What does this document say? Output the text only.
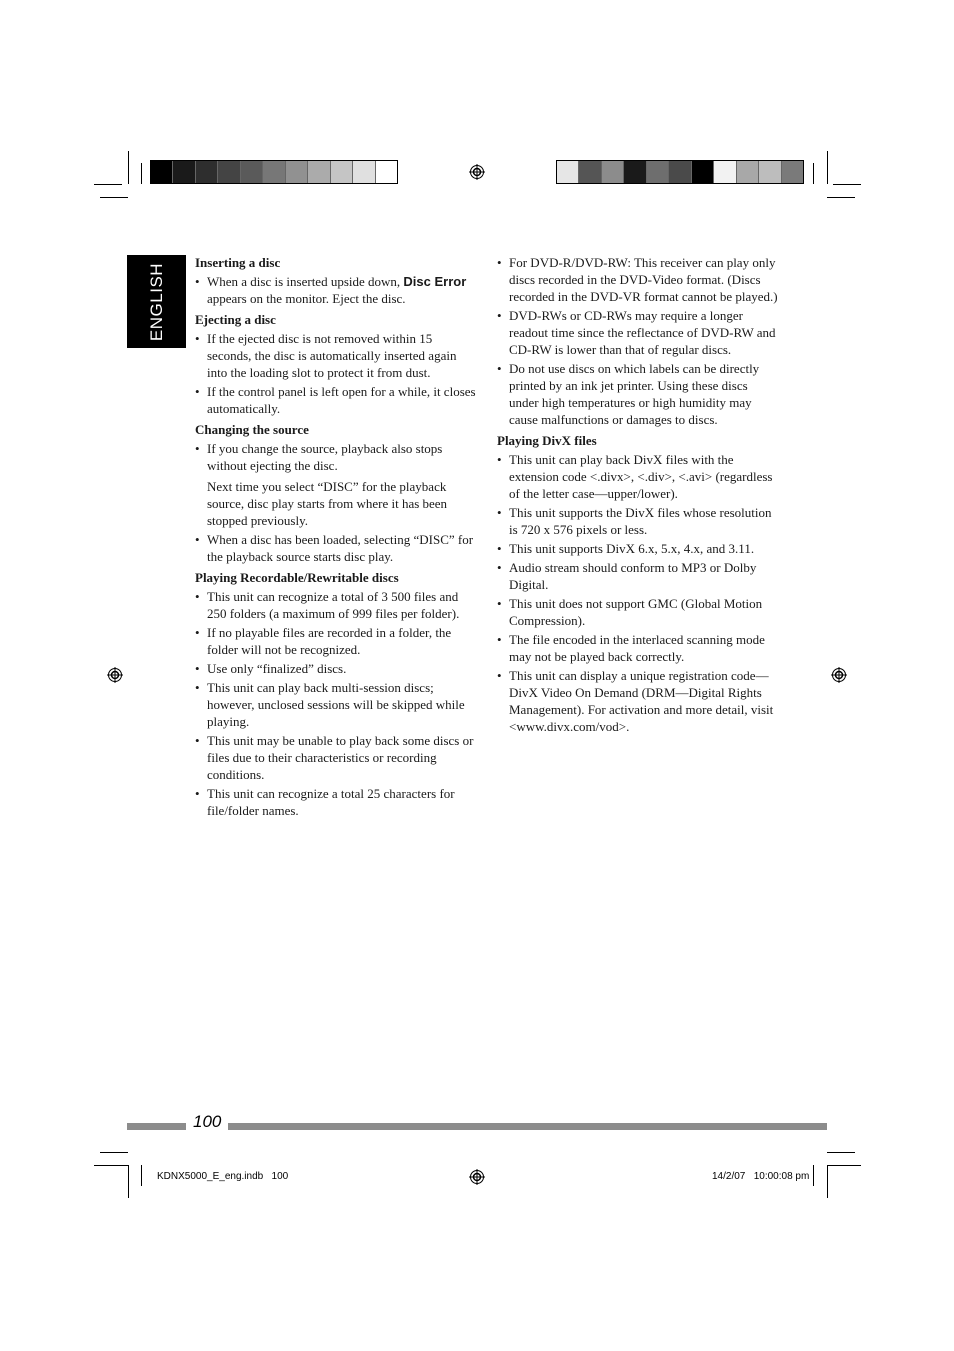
ENGLISH Inserting a disc
• When a disc is inserted upside down, Disc Error appears on the monitor. Eject the disc.
Ejecting a disc
• If the ejected disc is not removed within 15 seconds, the disc is automatically inserted again into the loading slot to protect it from dust.
• If the control panel is left open for a while, it closes automatically.
Changing the source
• If you change the source, playback also stops without ejecting the disc.

Next time you select “DISC” for the playback source, disc play starts from where it has been stopped previously.

• When a disc has been loaded, selecting “DISC” for the playback source starts disc play.
Playing Recordable/Rewritable discs
• This unit can recognize a total of 3 500 files and 250 folders (a maximum of 999 files per folder).
• If no playable files are recorded in a folder, the folder will not be recognized.
• Use only “finalized” discs.
• This unit can play back multi-session discs; however, unclosed sessions will be skipped while playing.
• This unit may be unable to play back some discs or files due to their characteristics or recording conditions.
• This unit can recognize a total 25 characters for file/folder names.
• For DVD-R/DVD-RW: This receiver can play only discs recorded in the DVD-Video format. (Discs recorded in the DVD-VR format cannot be played.)
• DVD-RWs or CD-RWs may require a longer readout time since the reflectance of DVD-RW and CD-RW is lower than that of regular discs.
• Do not use discs on which labels can be directly printed by an ink jet printer. Using these discs under high temperatures or high humidity may cause malfunctions or damages to discs.
Playing DivX files
• This unit can play back DivX files with the extension code <.divx>, <.div>, <.avi> (regardless of the letter case—upper/lower).
• This unit supports the DivX files whose resolution is 720 x 576 pixels or less.
• This unit supports DivX 6.x, 5.x, 4.x, and 3.11.
• Audio stream should conform to MP3 or Dolby Digital.
• This unit does not support GMC (Global Motion Compression).
• The file encoded in the interlaced scanning mode may not be played back correctly.
• This unit can display a unique registration code—DivX Video On Demand (DRM—Digital Rights Management). For activation and more detail, visit <www.divx.com/vod>.
100
KDNX5000_E_eng.indb   100	14/2/07   10:00:08 pm
